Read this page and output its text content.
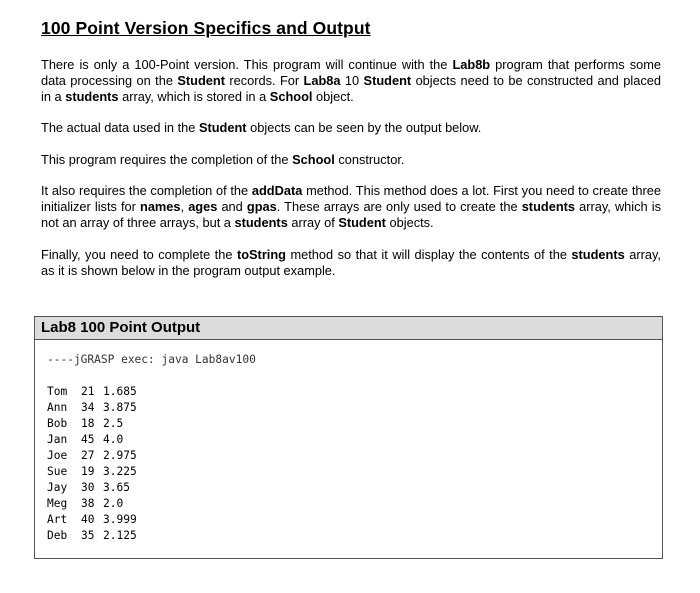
100 Point Version Specifics and Output

There is only a 100-Point version. This program will continue with the Lab8b program that performs some data processing on the Student records. For Lab8a 10 Student objects need to be constructed and placed in a students array, which is stored in a School object.

The actual data used in the Student objects can be seen by the output below.

This program requires the completion of the School constructor.

It also requires the completion of the addData method. This method does a lot. First you need to create three initializer lists for names, ages and gpas. These arrays are only used to create the students array, which is not an array of three arrays, but a students array of Student objects.

Finally, you need to complete the toString method so that it will display the contents of the students array, as it is shown below in the program output example.

Lab8 100 Point Output
----jGRASP exec: java Lab8av100
Tom 21 1.685
Ann 34 3.875
Bob 18 2.5
Jan 45 4.0
Joe 27 2.975
Sue 19 3.225
Jay 30 3.65
Meg 38 2.0
Art 40 3.999
Deb 35 2.125
